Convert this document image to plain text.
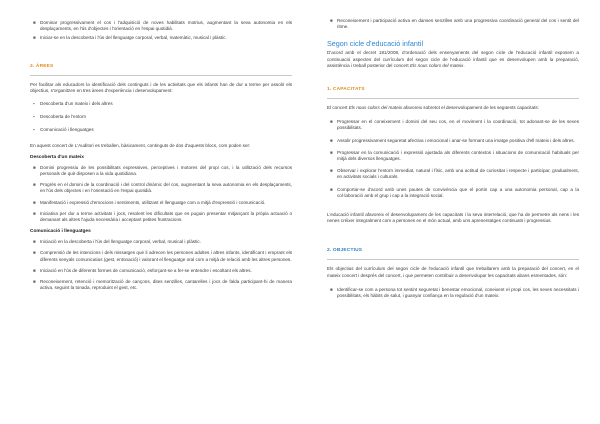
■ Dominar progressivament el cos i l'adquisició de noves habilitats motrius, augmentant la seva autonomia en els desplaçaments, en l'ús d'objectes i l'orientació en l'espai quotidià.

■ Iniciar-se en la descoberta i l'ús del llenguatge corporal, verbal, matemàtic, musical i plàstic.

3. ÀREES

Per facilitar als educadors la identificació dels continguts i de les activitats que els infants han de dur a terme per assolir els objectius, s'organitzen en tres àrees d'experiència i desenvolupament:

▪ Descoberta d'un mateix i dels altres

▪ Descoberta de l'entorn

▪ Comunicació i llenguatges

En aquest concert de L'Auditori es treballen, bàsicament, continguts de dos d'aquests blocs, com poden ser:

Descoberta d'un mateix
■ Domini progressiu de les possibilitats expressives, perceptives i motores del propi cos, i la utilització dels recursos personals de què disposen a la vida quotidiana.

■ Progrés en el domini de la coordinació i del control dinàmic del cos, augmentant la seva autonomia en els desplaçaments, en l'ús dels objectes i en l'orientació en l'espai quotidià.

■ Manifestació i expressió d'emocions i sentiments, utilitzant el llenguatge com a mitjà d'expressió i comunicació.

■ Iniciativa per dur a terme activitats i jocs, resolent les dificultats que es puguin presentar mitjançant la pròpia actuació o demanant als altres l'ajuda necessària i acceptant petites frustracions.

Comunicació i llenguatges
■ Iniciació en la descoberta i l'ús del llenguatge corporal, verbal, musical i plàstic.

■ Comprensió de les intencions i dels missatges que li adrecen les persones adultes i altres infants, identificant i emprant els diferents senyals comunicatius (gest, entonació) i valorant el llenguatge oral com a mitjà de relació amb les altres persones.

■ Iniciació en l'ús de diferents formes de comunicació, esforçant-se a fer-se entendre i escoltant els altres.

■ Reconeixement, retenció i memorització de cançons, dites senzilles, cantarelles i jocs de falda participant-hi de manera activa, seguint la tonada, reproduint el gest, etc.

■ Reconeixement i participació activa en danses senzilles amb una progressiva coordinació general del cos i sentit del ritme.

Segon cicle d'educació infantil

D'acord amb el decret 181/2008, d'ordenació dels ensenyaments del segon cicle de l'educació infantil exposem a continuació aspectes del currículum del segon cicle de l'educació infantil que es desenvolupen amb la preparació, assistència i treball posterior del concert Els nous colors del mateix.

1. CAPACITATS

El concert Els nous colors del mateix afavoreix sobretot el desenvolupament de les següents capacitats:

■ Progressar en el coneixement i domini del seu cos, en el moviment i la coordinació, tot adonant-se de les seves possibilitats.

■ Assolir progressivament seguretat afectiva i emocional i anar-se formant una imatge positiva d'ell mateix i dels altres.

■ Progressar en la comunicació i expressió ajustada als diferents contextos i situacions de comunicació habituals per mitjà dels diversos llenguatges.

■ Observar i explorar l'entorn immediat, natural i físic, amb una actitud de curiositat i respecte i participar, gradualment, en activitats socials i culturals.

■ Comportar-se d'acord amb unes pautes de convivència que el portin cap a una autonomia personal, cap a la col·laboració amb el grup i cap a la integració social.

L'educació infantil afavoreix el desenvolupament de les capacitats i la seva interrelació, que ha de permetre als nens i les nenes créixer integralment com a persones en el món actual, amb uns aprenentatges continuats i progressius.

2. OBJECTIUS

Els objectius del currículum del segon cicle de l'educació infantil que treballarem amb la preparació del concert, en el mateix concert i després del concert, i que permeten contribuir a desenvolupar les capacitats abans esmentades, són:

■ Identificar-se com a persona tot sentint seguretat i benestar emocional, coneixent el propi cos, les seves necessitats i possibilitats, els hàbits de salut, i guanyar confiança en la regulació d'un mateix.
